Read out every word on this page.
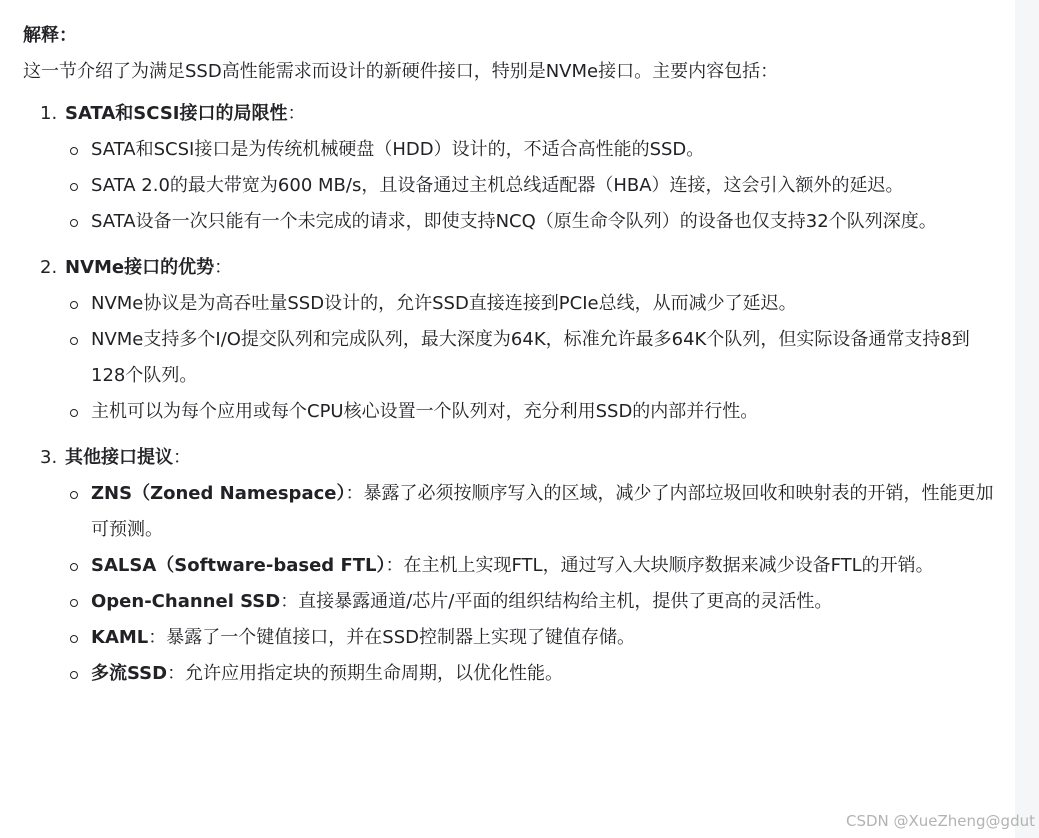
解释：

这一节介绍了为满足SSD高性能需求而设计的新硬件接口，特别是NVMe接口。主要内容包括：

1. SATA和SCSI接口的局限性：
SATA和SCSI接口是为传统机械硬盘（HDD）设计的，不适合高性能的SSD。
SATA 2.0的最大带宽为600 MB/s，且设备通过主机总线适配器（HBA）连接，这会引入额外的延迟。
SATA设备一次只能有一个未完成的请求，即使支持NCQ（原生命令队列）的设备也仅支持32个队列深度。
2. NVMe接口的优势：
NVMe协议是为高吞吐量SSD设计的，允许SSD直接连接到PCIe总线，从而减少了延迟。
NVMe支持多个I/O提交队列和完成队列，最大深度为64K，标准允许最多64K个队列，但实际设备通常支持8到128个队列。
主机可以为每个应用或每个CPU核心设置一个队列对，充分利用SSD的内部并行性。
3. 其他接口提议：
ZNS（Zoned Namespace）：暴露了必须按顺序写入的区域，减少了内部垃圾回收和映射表的开销，性能更加可预测。
SALSA（Software-based FTL）：在主机上实现FTL，通过写入大块顺序数据来减少设备FTL的开销。
Open-Channel SSD：直接暴露通道/芯片/平面的组织结构给主机，提供了更高的灵活性。
KAML：暴露了一个键值接口，并在SSD控制器上实现了键值存储。
多流SSD：允许应用指定块的预期生命周期，以优化性能。
CSDN @XueZheng@gdut
